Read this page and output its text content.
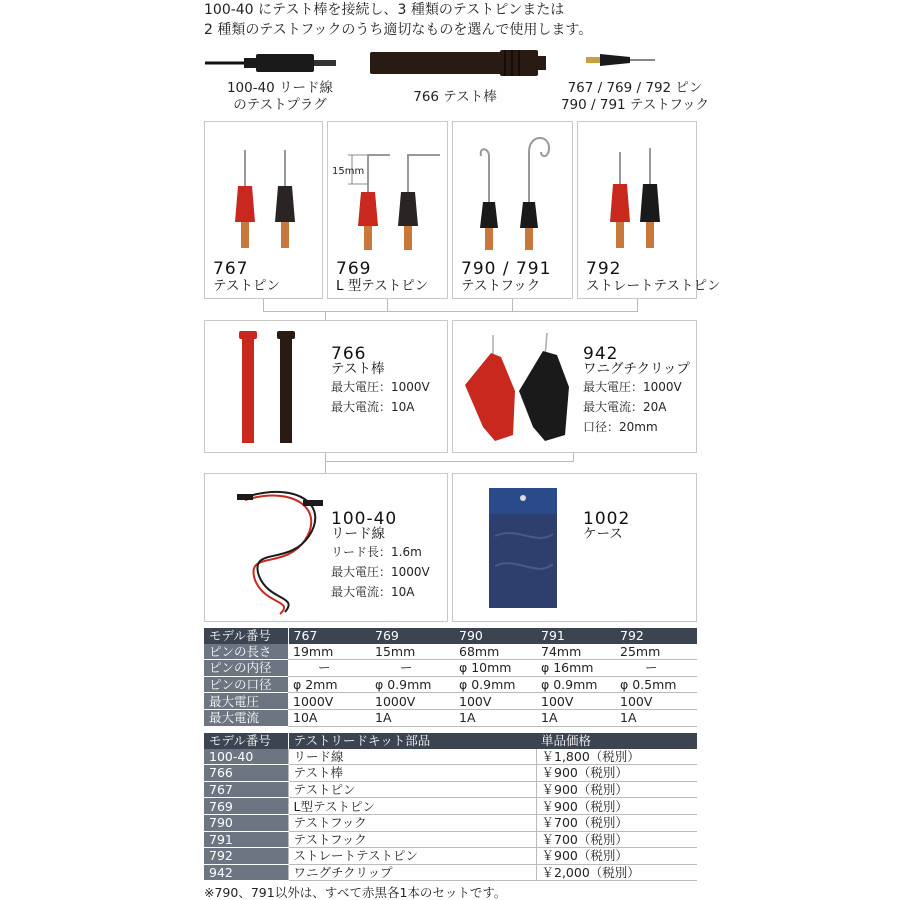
100-40 にテスト棒を接続し、3 種類のテストピンまたは
2 種類のテストフックのうち適切なものを選んで使用します。
100-40 リード線
のテストプラグ	766 テスト棒
767 / 769 / 792 ピン
790 / 791 テストフック
767
テストピン
15mm
769
L 型テストピン
790 / 791
テストフック
792
ストレートテストピン
766
テスト棒
最大電圧：1000V
最大電流：10A
942
ワニグチクリップ
最大電圧：1000V
最大電流：20A
口径：20mm
100-40
リード線
リード長：1.6m
最大電圧：1000V
最大電流：10A
1002
ケース
モデル番号	767	769	790	791	792
ピンの長さ	19mm	15mm	68mm	74mm	25mm
ピンの内径	ー	ー	φ 10mm	φ 16mm	ー
ピンの口径	φ 2mm	φ 0.9mm	φ 0.9mm	φ 0.9mm	φ 0.5mm
最大電圧	1000V	1000V	100V	100V	100V
最大電流	10A	1A	1A	1A	1A
モデル番号	テストリードキット部品	単品価格
100-40	リード線	￥1,800（税別）
766	テスト棒	￥900（税別）
767	テストピン	￥900（税別）
769	L型テストピン	￥900（税別）
790	テストフック	￥700（税別）
791	テストフック	￥700（税別）
792	ストレートテストピン	￥900（税別）
942	ワニグチクリップ	￥2,000（税別）
※790、791以外は、すべて赤黒各1本のセットです。
